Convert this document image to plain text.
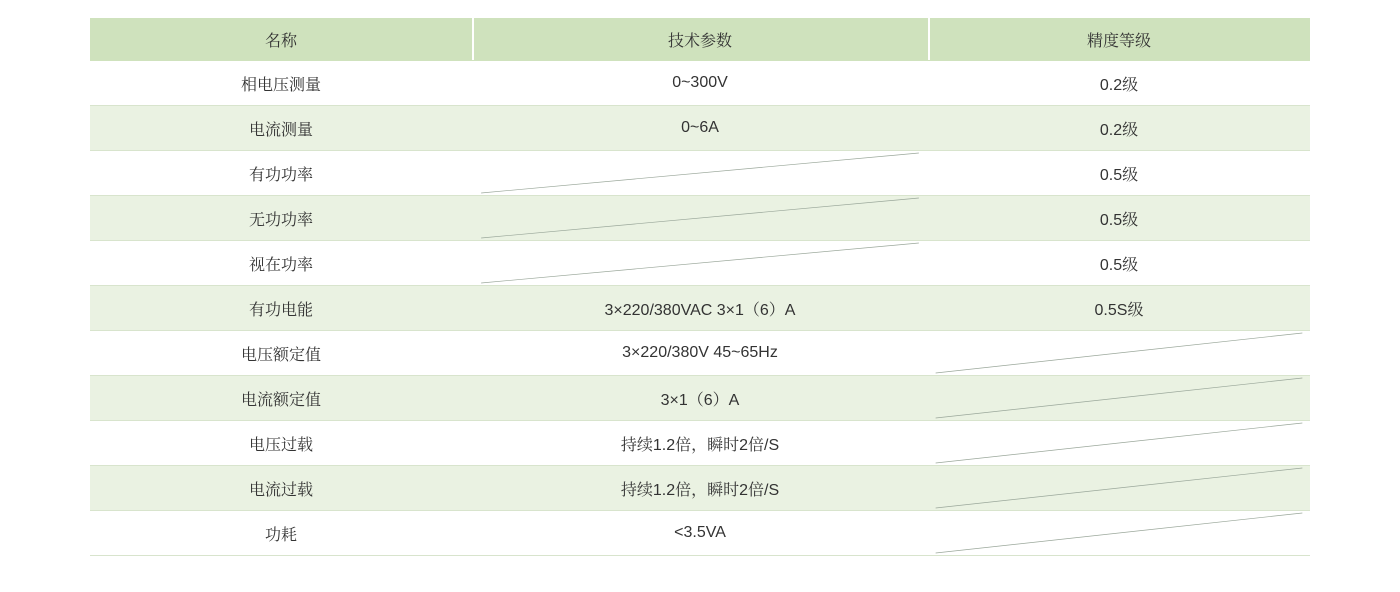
名称	技术参数	精度等级
相电压测量	0~300V	0.2级
电流测量	0~6A	0.2级
有功功率		0.5级
无功功率		0.5级
视在功率		0.5级
有功电能	3×220/380VAC 3×1（6）A	0.5S级
电压额定值	3×220/380V 45~65Hz	

电流额定值	3×1（6）A	

电压过载	持续1.2倍，瞬时2倍/S	

电流过载	持续1.2倍，瞬时2倍/S	

功耗	<3.5VA	
